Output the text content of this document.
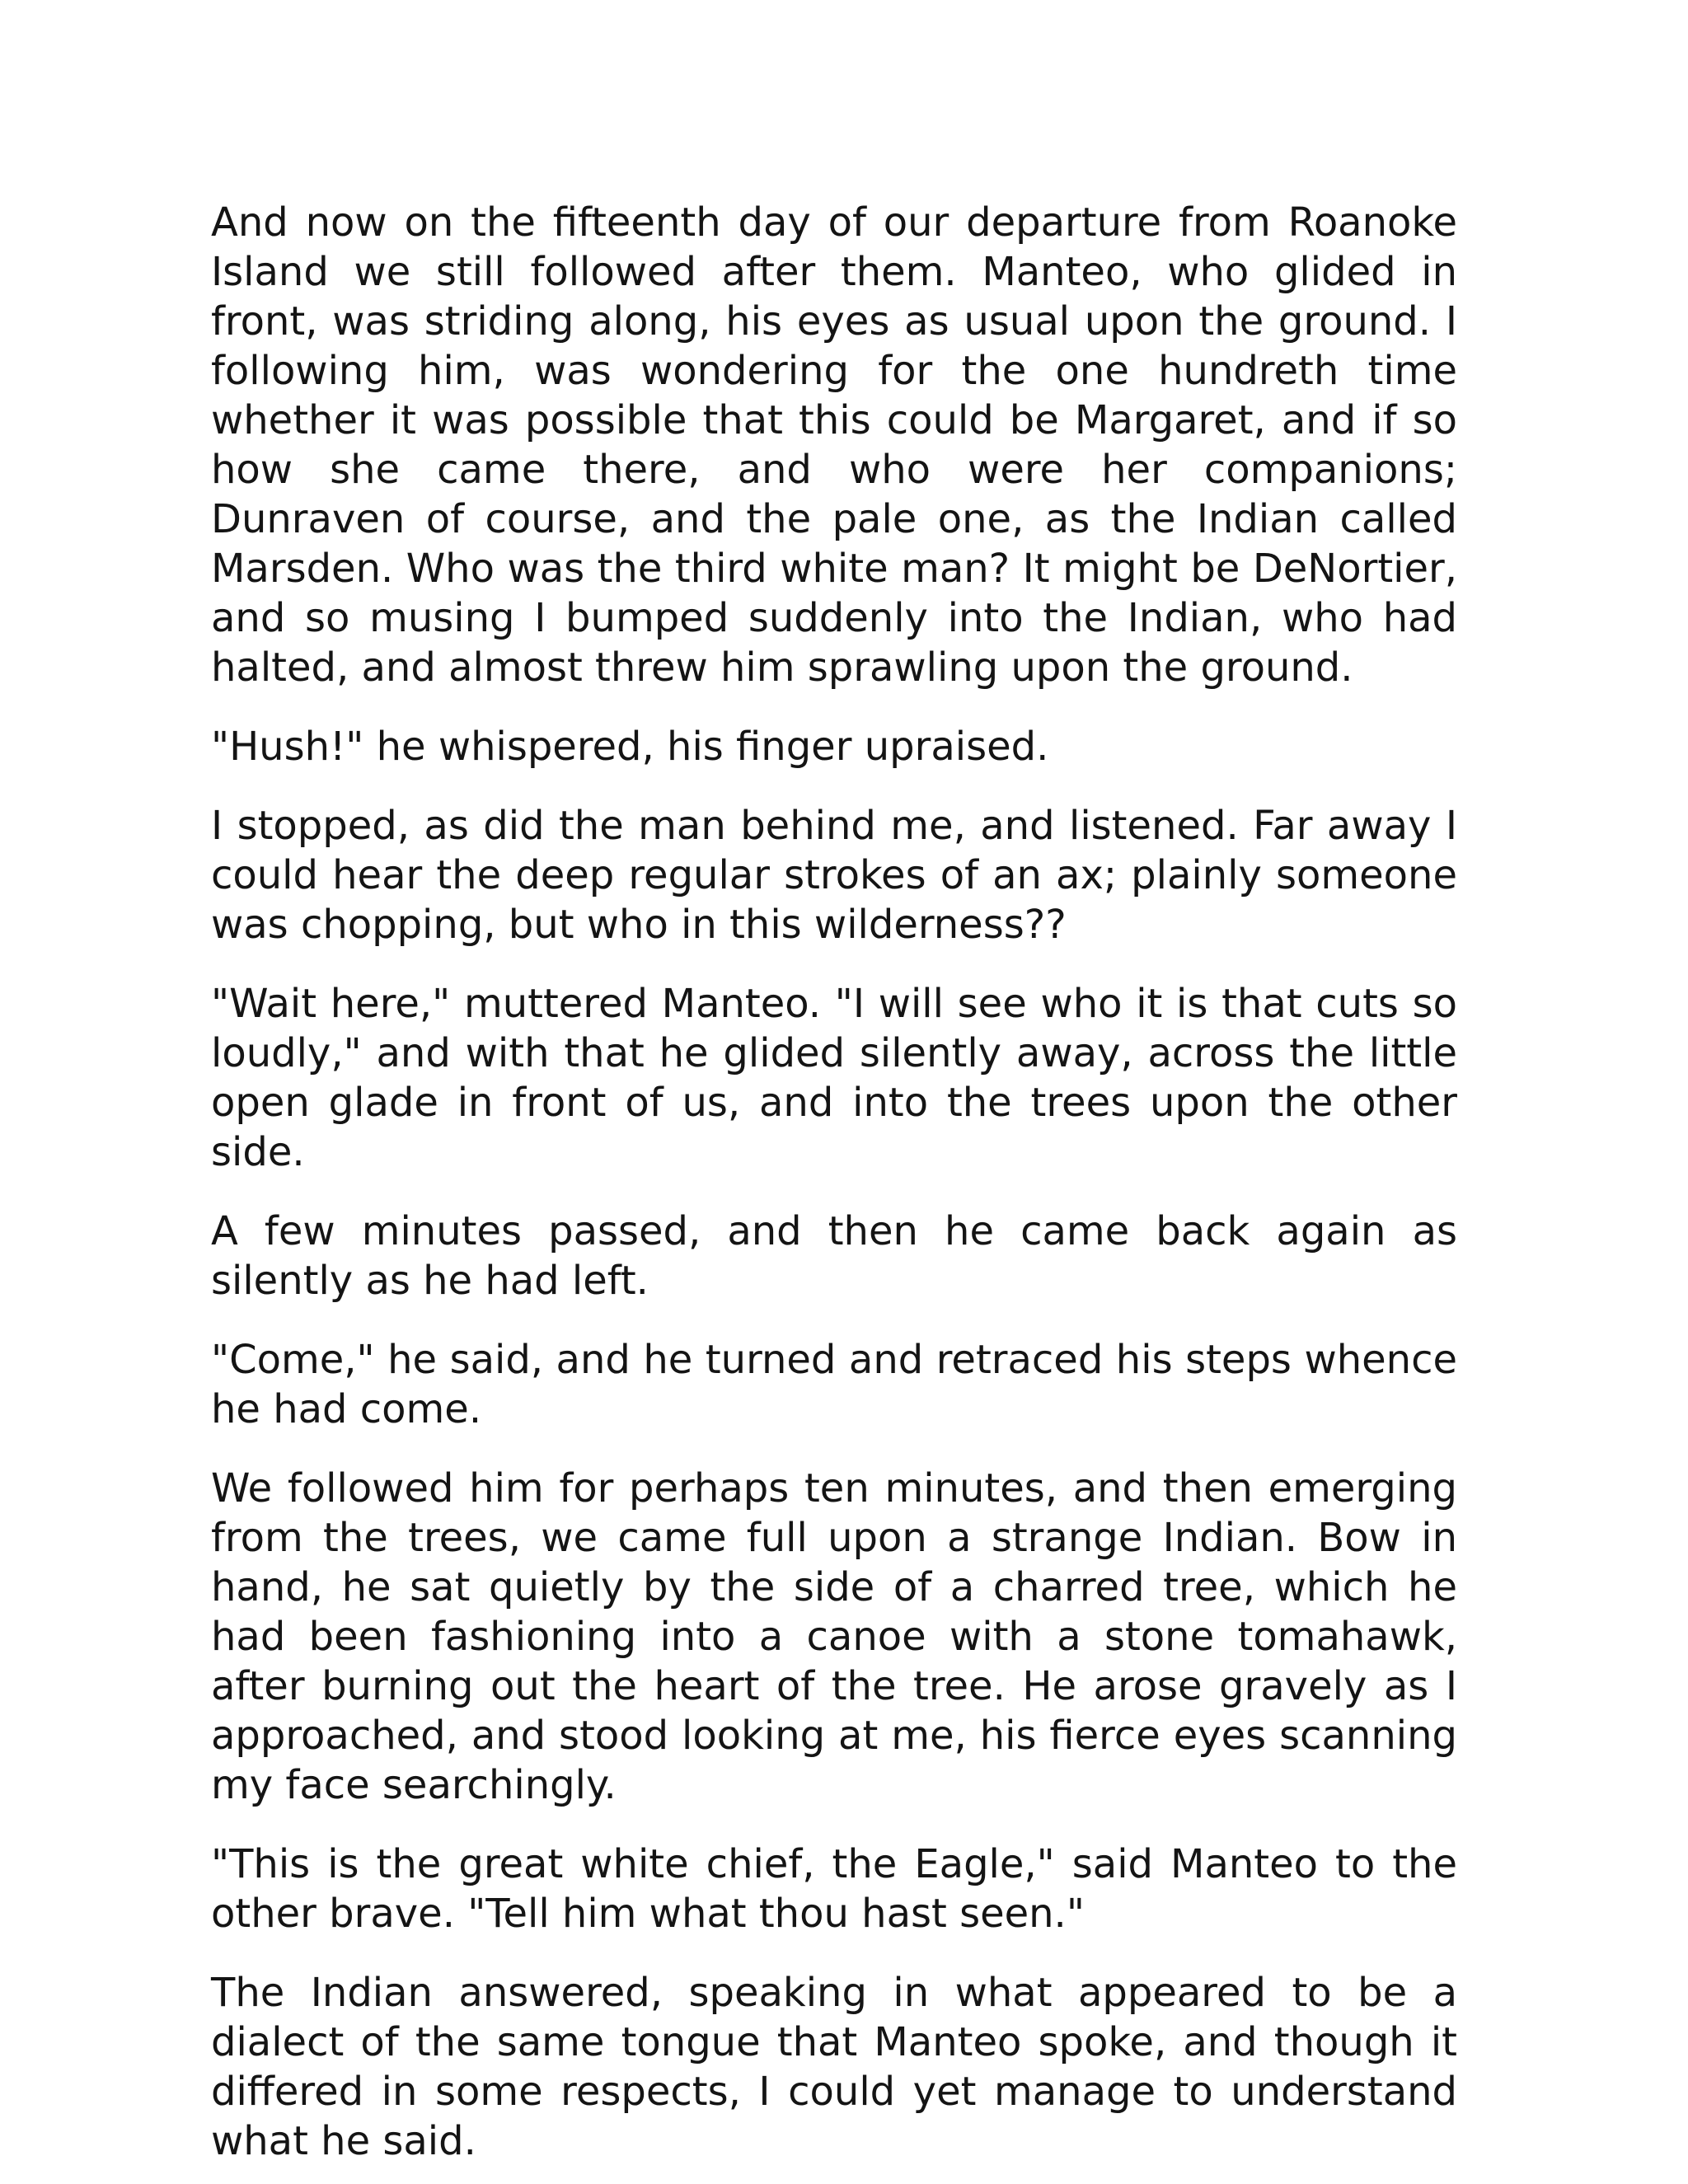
And now on the fifteenth day of our departure from Roanoke Island we still followed after them. Manteo, who glided in front, was striding along, his eyes as usual upon the ground. I following him, was wondering for the one hundreth time whether it was possible that this could be Margaret, and if so how she came there, and who were her companions; Dunraven of course, and the pale one, as the Indian called Marsden. Who was the third white man? It might be DeNortier, and so musing I bumped suddenly into the Indian, who had halted, and almost threw him sprawling upon the ground.

"Hush!" he whispered, his finger upraised.

I stopped, as did the man behind me, and listened. Far away I could hear the deep regular strokes of an ax; plainly someone was chopping, but who in this wilderness??

"Wait here," muttered Manteo. "I will see who it is that cuts so loudly," and with that he glided silently away, across the little open glade in front of us, and into the trees upon the other side.

A few minutes passed, and then he came back again as silently as he had left.

"Come," he said, and he turned and retraced his steps whence he had come.

We followed him for perhaps ten minutes, and then emerging from the trees, we came full upon a strange Indian. Bow in hand, he sat quietly by the side of a charred tree, which he had been fashioning into a canoe with a stone tomahawk, after burning out the heart of the tree. He arose gravely as I approached, and stood looking at me, his fierce eyes scanning my face searchingly.

"This is the great white chief, the Eagle," said Manteo to the other brave. "Tell him what thou hast seen."

The Indian answered, speaking in what appeared to be a dialect of the same tongue that Manteo spoke, and though it differed in some respects, I could yet manage to understand what he said.
